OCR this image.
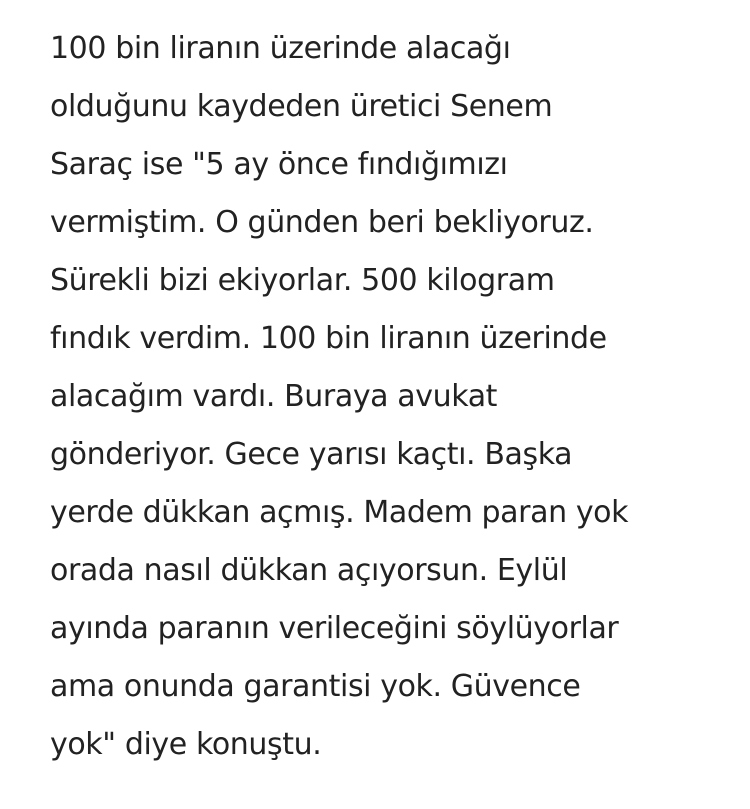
100 bin liranın üzerinde alacağı
olduğunu kaydeden üretici Senem
Saraç ise "5 ay önce fındığımızı
vermiştim. O günden beri bekliyoruz.
Sürekli bizi ekiyorlar. 500 kilogram
fındık verdim. 100 bin liranın üzerinde
alacağım vardı. Buraya avukat
gönderiyor. Gece yarısı kaçtı. Başka
yerde dükkan açmış. Madem paran yok
orada nasıl dükkan açıyorsun. Eylül
ayında paranın verileceğini söylüyorlar
ama onunda garantisi yok. Güvence
yok" diye konuştu.
